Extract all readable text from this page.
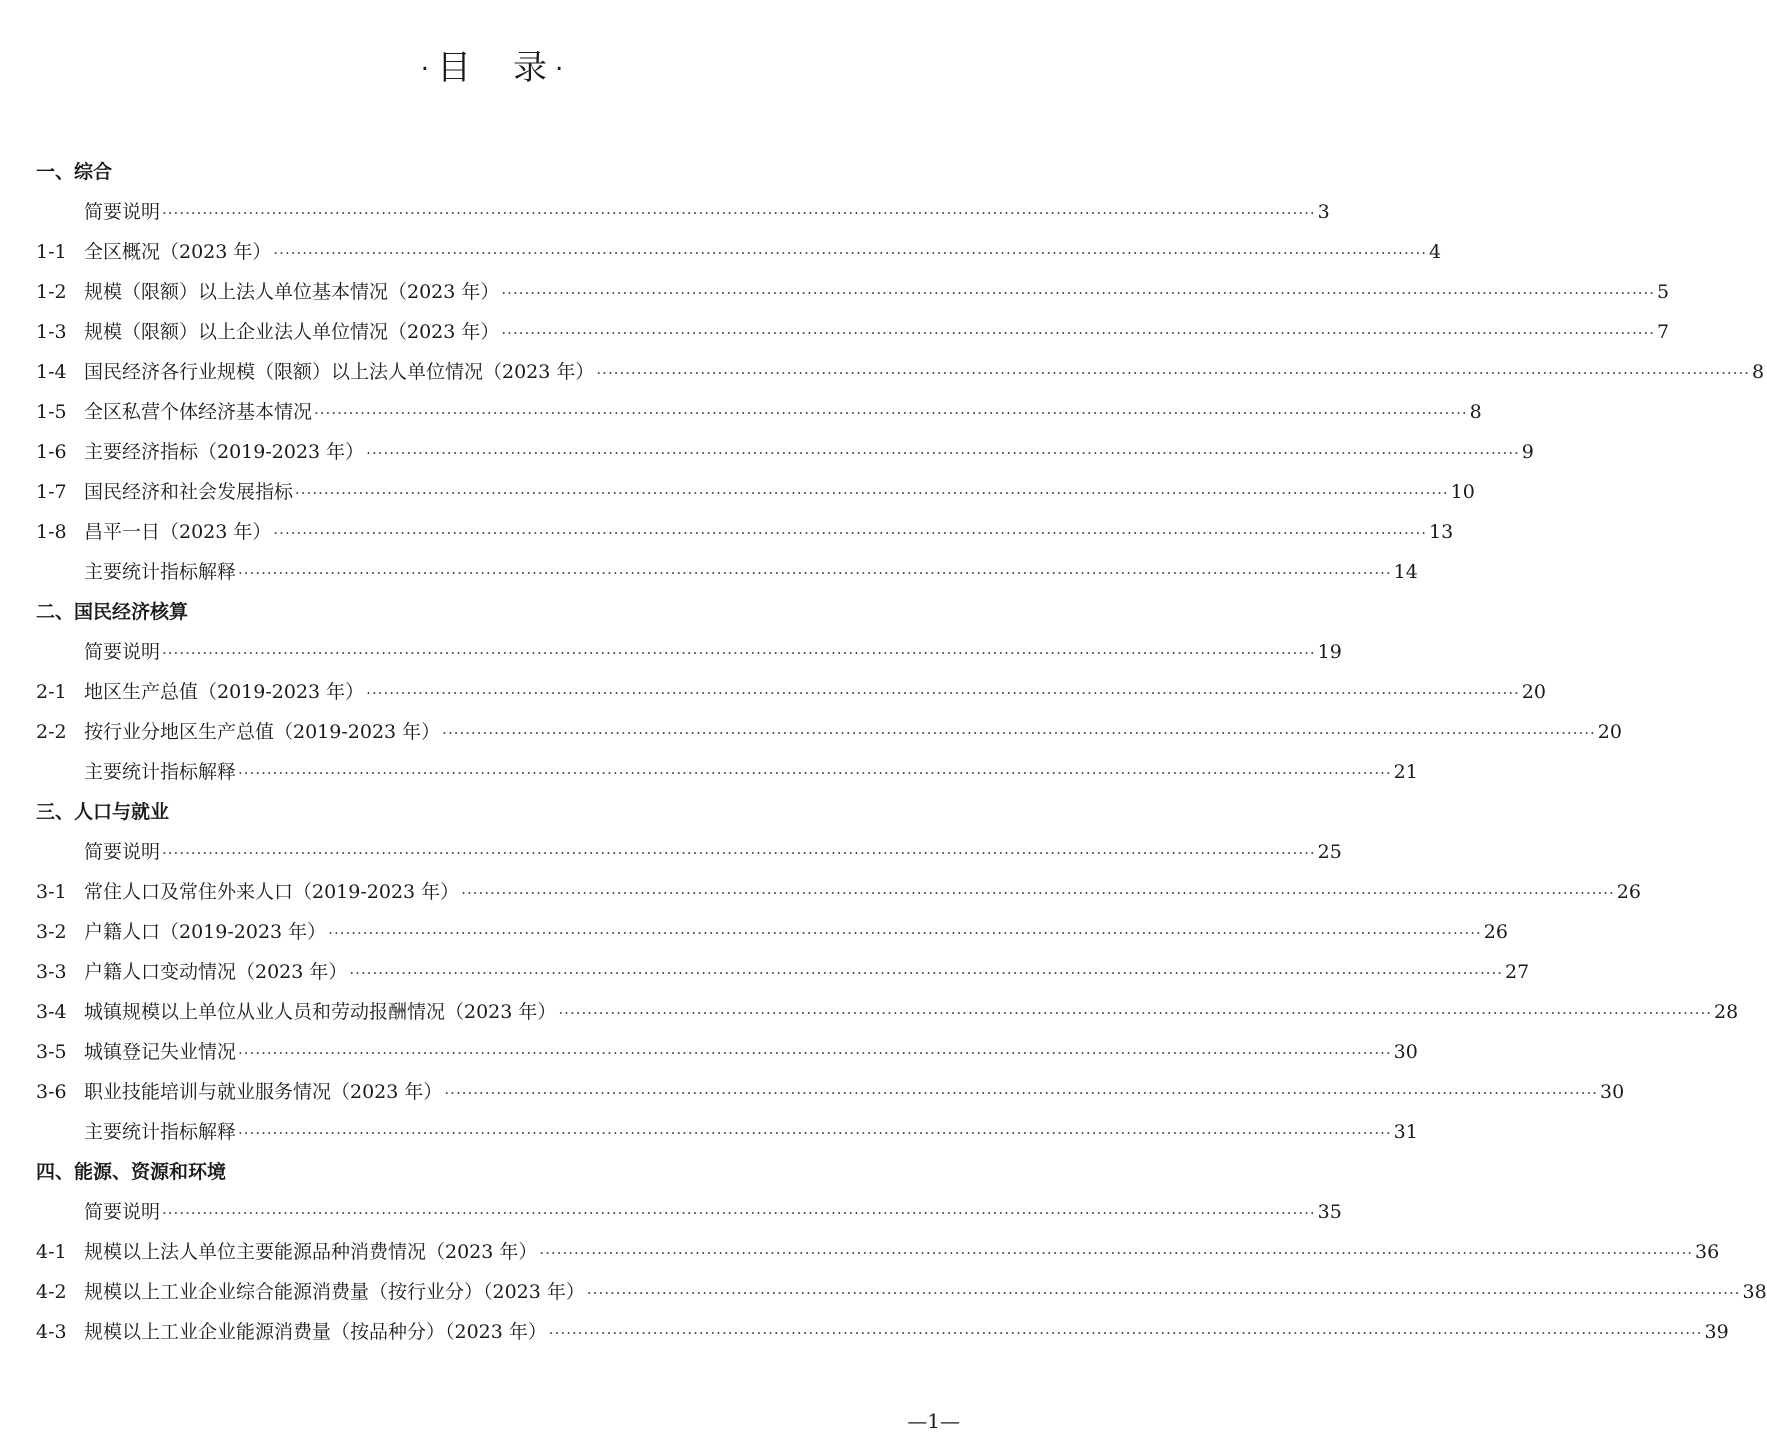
· 目 录 ·
一、综合
简要说明 ········································································································································································································ 3
1-1 全区概况（2023 年） ········································································································································································································ 4
1-2 规模（限额）以上法人单位基本情况（2023 年） ········································································································································································································ 5
1-3 规模（限额）以上企业法人单位情况（2023 年） ········································································································································································································ 7
1-4 国民经济各行业规模（限额）以上法人单位情况（2023 年） ········································································································································································································ 8
1-5 全区私营个体经济基本情况 ········································································································································································································ 8
1-6 主要经济指标（2019-2023 年） ········································································································································································································ 9
1-7 国民经济和社会发展指标 ········································································································································································································ 10
1-8 昌平一日（2023 年） ········································································································································································································ 13
主要统计指标解释 ········································································································································································································ 14
二、国民经济核算
简要说明 ········································································································································································································ 19
2-1 地区生产总值（2019-2023 年） ········································································································································································································ 20
2-2 按行业分地区生产总值（2019-2023 年） ········································································································································································································ 20
主要统计指标解释 ········································································································································································································ 21
三、人口与就业
简要说明 ········································································································································································································ 25
3-1 常住人口及常住外来人口（2019-2023 年） ········································································································································································································ 26
3-2 户籍人口（2019-2023 年） ········································································································································································································ 26
3-3 户籍人口变动情况（2023 年） ········································································································································································································ 27
3-4 城镇规模以上单位从业人员和劳动报酬情况（2023 年） ········································································································································································································ 28
3-5 城镇登记失业情况 ········································································································································································································ 30
3-6 职业技能培训与就业服务情况（2023 年） ········································································································································································································ 30
主要统计指标解释 ········································································································································································································ 31
四、能源、资源和环境
简要说明 ········································································································································································································ 35
4-1 规模以上法人单位主要能源品种消费情况（2023 年） ········································································································································································································ 36
4-2 规模以上工业企业综合能源消费量（按行业分）（2023 年） ········································································································································································································ 38
4-3 规模以上工业企业能源消费量（按品种分）（2023 年） ········································································································································································································ 39
—1—
